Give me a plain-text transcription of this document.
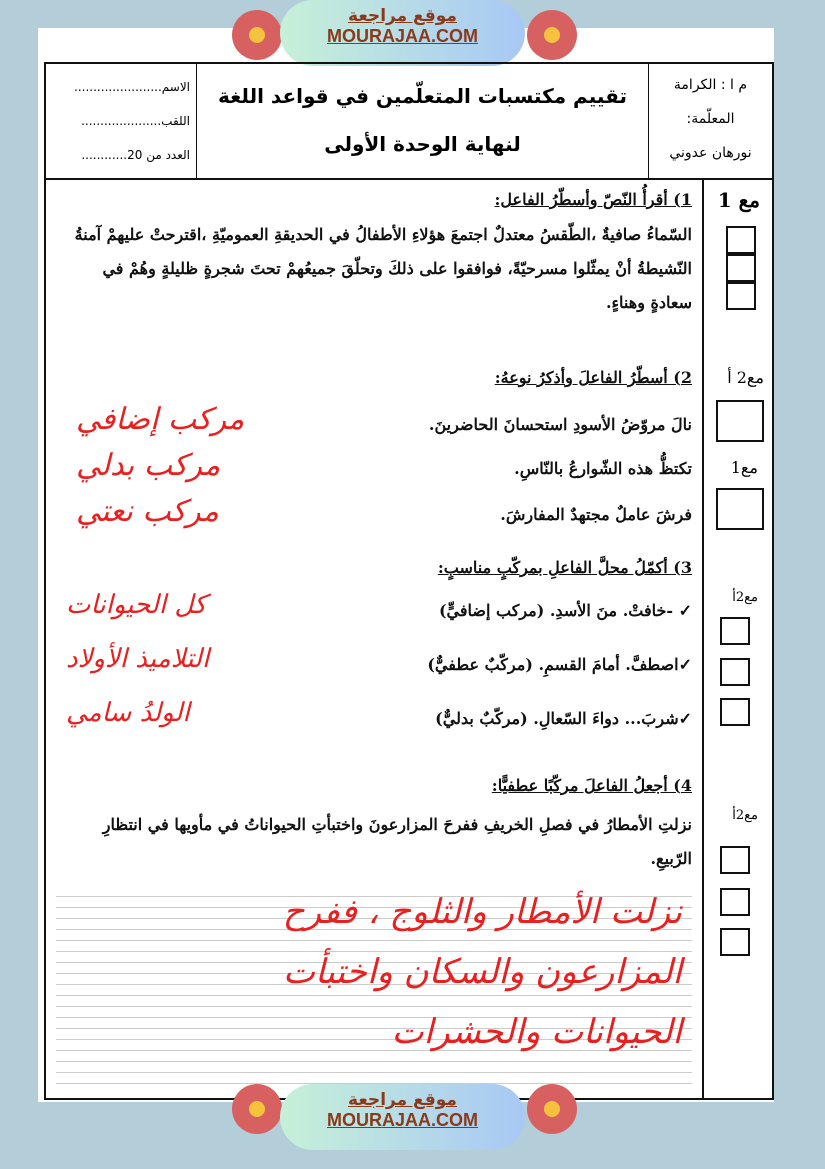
موقع مراجعة
MOURAJAA.COM
م ا : الكرامة
المعلّمة:
نورهان عدوني
تقييم مكتسبات المتعلّمين في قواعد اللغة
لنهاية الوحدة الأولى
الاسم.......................
اللقب.....................
العدد من 20............
مع 1
مع2 أ
مع1
مع2أ
مع2أ
1) أقرأُ النّصّ وأسطّرُ الفاعل:
السّماءُ صافيةٌ ،الطّقسُ معتدلٌ اجتمعَ هؤلاءِ الأطفالُ في الحديقةِ العموميّةِ ،اقترحتْ عليهمْ آمنةُ النّشيطةُ أنْ يمثّلوا مسرحيّةً، فوافقوا على ذلكَ وتحلّقَ جميعُهمْ تحتَ شجرةٍ ظليلةٍ وهُمْ في سعادةٍ وهناءٍ.
2) أسطّرُ الفاعلَ وأذكرُ نوعهُ:
نالَ مروّضُ الأسودِ استحسانَ الحاضرينَ.
تكتظُّ هذه الشّوارعُ بالنّاسِ.
فرشَ عاملٌ مجتهدٌ المفارشَ.
مركب إضافي
مركب بدلي
مركب نعتي
3) أكمّلُ محلَّ الفاعلِ بمركّبٍ مناسبٍ:
✓ -خافتْ. منَ الأسدِ. (مركب إضافيٍّ)
✓اصطفَّ. أمامَ القسمِ. (مركّبٌ عطفيٌّ)
✓شربَ... دواءَ السّعالِ. (مركّبٌ بدليٌّ)
كل الحيوانات
التلاميذ الأولاد
الولدُ سامي
4) أجعلُ الفاعلَ مركّبًا عطفيًّا:
نزلتِ الأمطارُ في فصلِ الخريفِ ففرحَ المزارعونَ واختبأتِ الحيواناتُ في مأويها في انتظارِ الرّبيعِ.
نزلت الأمطار والثلوج ، ففرح
المزارعون والسكان واختبأت
الحيوانات والحشرات
موقع مراجعة
MOURAJAA.COM
